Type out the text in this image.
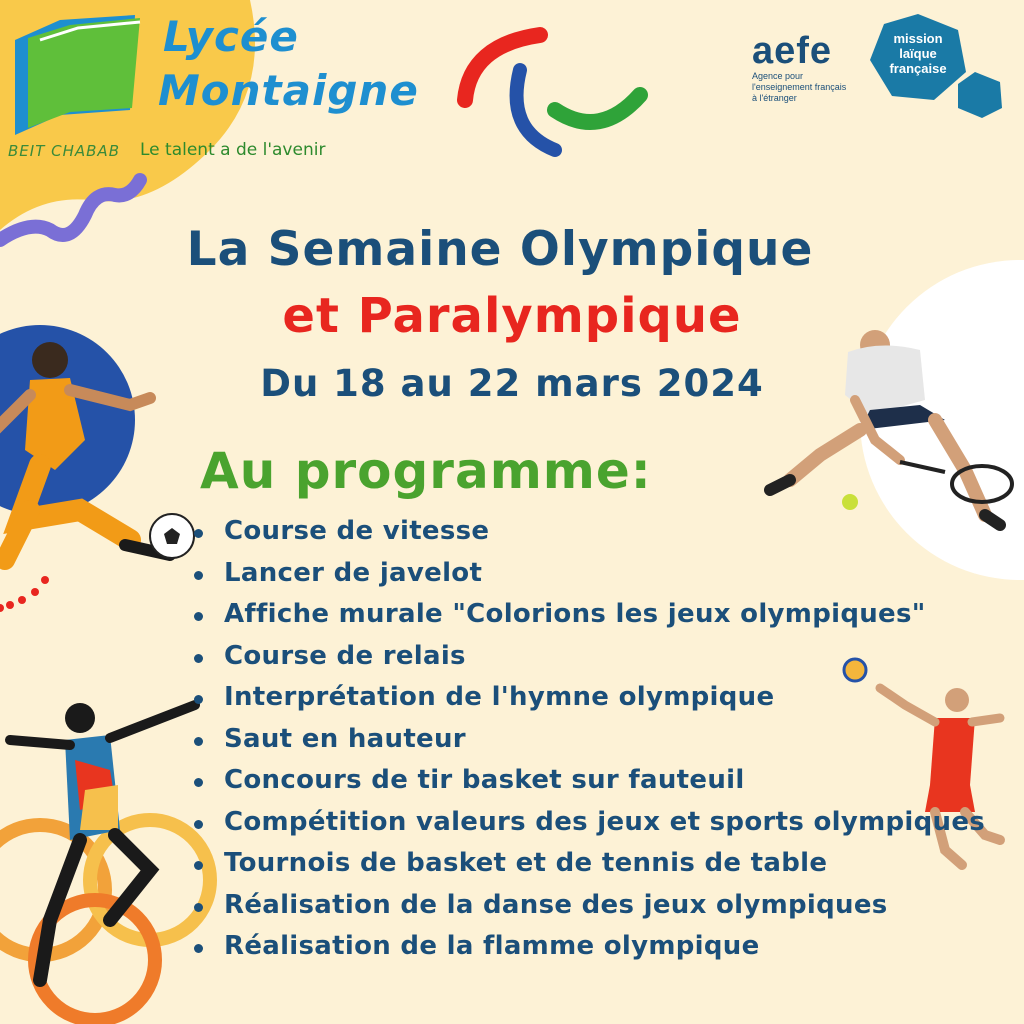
Lycée
Montaigne
BEIT CHABAB Le talent a de l'avenir
aefe
Agence pour l'enseignement français à l'étranger
mission
laïque
française
La Semaine Olympique
et Paralympique
Du 18 au 22 mars 2024
Au programme:
Course de vitesse
Lancer de javelot
Affiche murale "Colorions les jeux olympiques"
Course de relais
Interprétation de l'hymne olympique
Saut en hauteur
Concours de tir basket sur fauteuil
Compétition valeurs des jeux et sports olympiques
Tournois de basket et de tennis de table
Réalisation de la danse des jeux olympiques
Réalisation de la flamme olympique
